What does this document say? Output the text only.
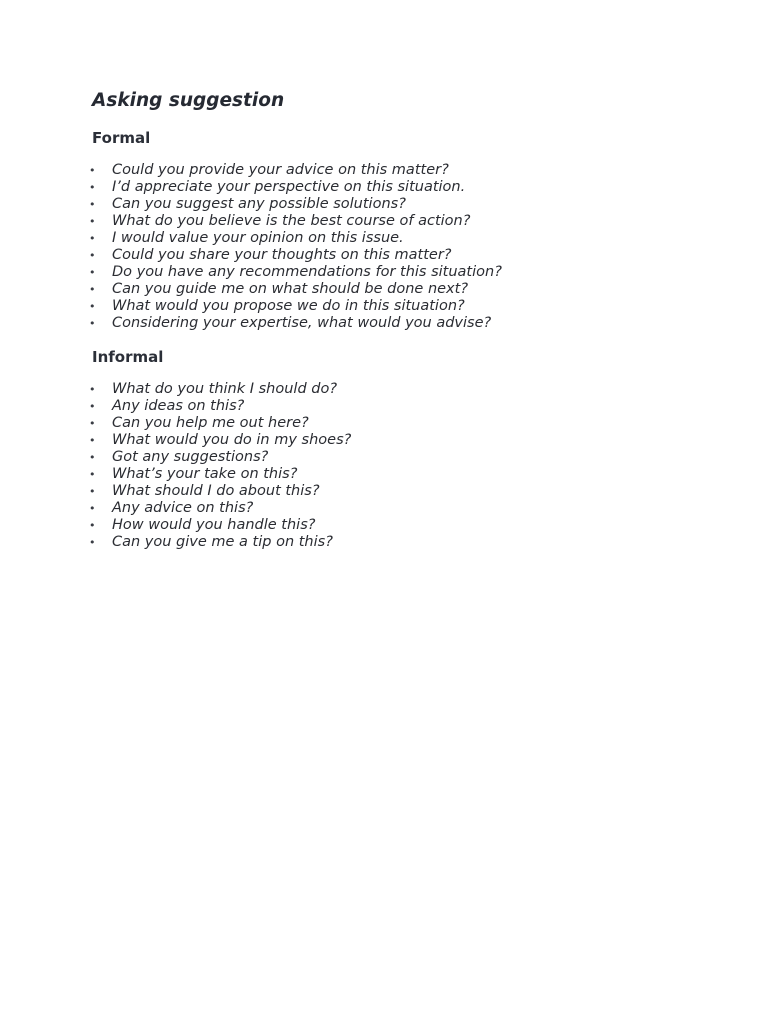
Asking suggestion
Formal
• Could you provide your advice on this matter?
• I’d appreciate your perspective on this situation.
• Can you suggest any possible solutions?
• What do you believe is the best course of action?
• I would value your opinion on this issue.
• Could you share your thoughts on this matter?
• Do you have any recommendations for this situation?
• Can you guide me on what should be done next?
• What would you propose we do in this situation?
• Considering your expertise, what would you advise?
Informal
• What do you think I should do?
• Any ideas on this?
• Can you help me out here?
• What would you do in my shoes?
• Got any suggestions?
• What’s your take on this?
• What should I do about this?
• Any advice on this?
• How would you handle this?
• Can you give me a tip on this?
